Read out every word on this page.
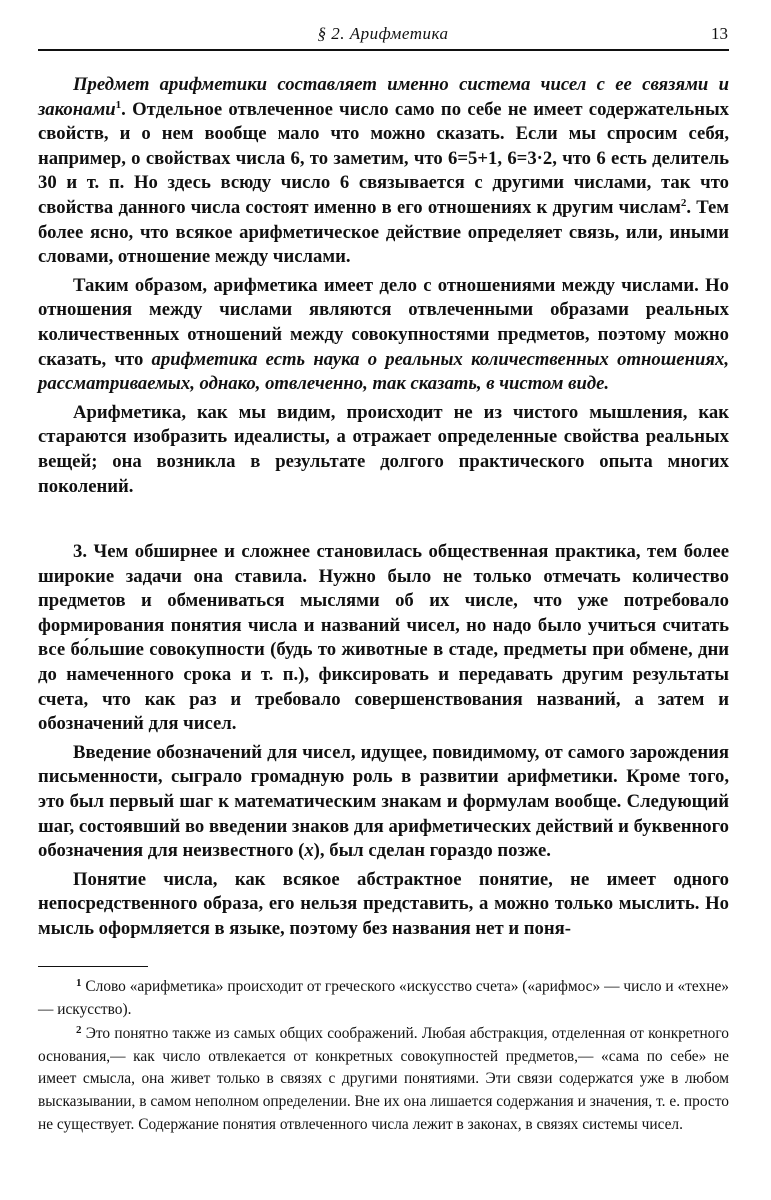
§ 2. Арифметика	13

Предмет арифметики составляет именно система чисел с ее связями и законами$^1$. Отдельное отвлеченное число само по себе не имеет содержательных свойств, и о нем вообще мало что можно сказать. Если мы спросим себя, например, о свойствах числа 6, то заметим, что 6=5+1, 6=3·2, что 6 есть делитель 30 и т. п. Но здесь всюду число 6 связывается с другими числами, так что свойства данного числа состоят именно в его отношениях к другим числам$^2$. Тем более ясно, что всякое арифметическое действие определяет связь, или, иными словами, отношение между числами.

Таким образом, арифметика имеет дело с отношениями между числами. Но отношения между числами являются отвлеченными образами реальных количественных отношений между совокупностями предметов, поэтому можно сказать, что арифметика есть наука о реальных количественных отношениях, рассматриваемых, однако, отвлеченно, так сказать, в чистом виде.

Арифметика, как мы видим, происходит не из чистого мышления, как стараются изобразить идеалисты, а отражает определенные свойства реальных вещей; она возникла в результате долгого практического опыта многих поколений.

3. Чем обширнее и сложнее становилась общественная практика, тем более широкие задачи она ставила. Нужно было не только отмечать количество предметов и обмениваться мыслями об их числе, что уже потребовало формирования понятия числа и названий чисел, но надо было учиться считать все бо́льшие совокупности (будь то животные в стаде, предметы при обмене, дни до намеченного срока и т. п.), фиксировать и передавать другим результаты счета, что как раз и требовало совершенствования названий, а затем и обозначений для чисел.

Введение обозначений для чисел, идущее, повидимому, от самого зарождения письменности, сыграло громадную роль в развитии арифметики. Кроме того, это был первый шаг к математическим знакам и формулам вообще. Следующий шаг, состоявший во введении знаков для арифметических действий и буквенного обозначения для неизвестного (x), был сделан гораздо позже.

Понятие числа, как всякое абстрактное понятие, не имеет одного непосредственного образа, его нельзя представить, а можно только мыслить. Но мысль оформляется в языке, поэтому без названия нет и поня-

$^1$ Слово «арифметика» происходит от греческого «искусство счета» («арифмос» — число и «техне» — искусство).

$^2$ Это понятно также из самых общих соображений. Любая абстракция, отделенная от конкретного основания,— как число отвлекается от конкретных совокупностей предметов,— «сама по себе» не имеет смысла, она живет только в связях с другими понятиями. Эти связи содержатся уже в любом высказывании, в самом неполном определении. Вне их она лишается содержания и значения, т. е. просто не существует. Содержание понятия отвлеченного числа лежит в законах, в связях системы чисел.
